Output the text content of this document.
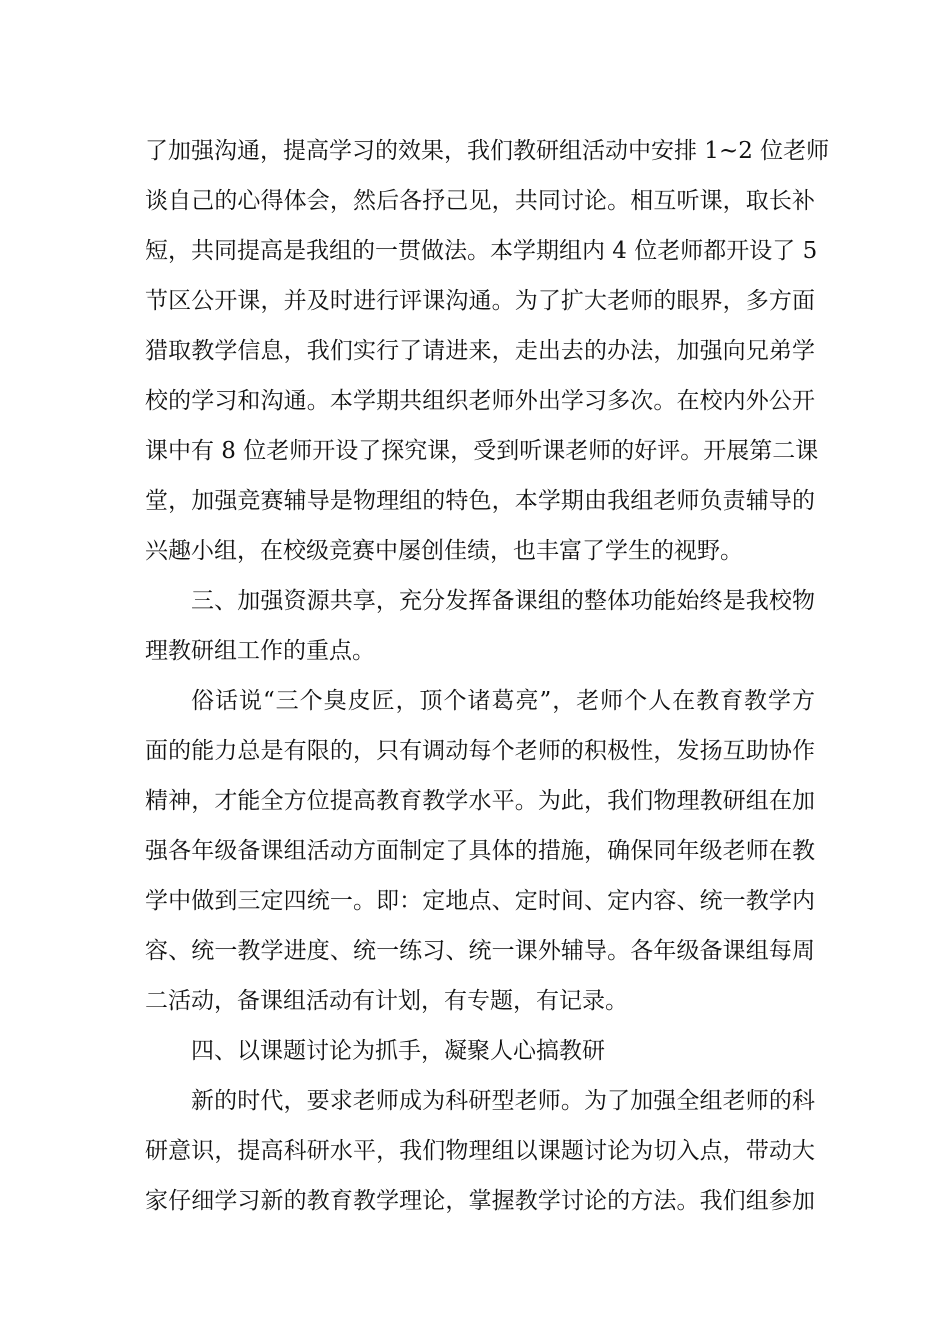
了加强沟通，提高学习的效果，我们教研组活动中安排 1~2 位老师
谈自己的心得体会，然后各抒己见，共同讨论。相互听课，取长补
短，共同提高是我组的一贯做法。本学期组内 4 位老师都开设了 5
节区公开课，并及时进行评课沟通。为了扩大老师的眼界，多方面
猎取教学信息，我们实行了请进来，走出去的办法，加强向兄弟学
校的学习和沟通。本学期共组织老师外出学习多次。在校内外公开
课中有 8 位老师开设了探究课，受到听课老师的好评。开展第二课
堂，加强竞赛辅导是物理组的特色，本学期由我组老师负责辅导的
兴趣小组，在校级竞赛中屡创佳绩，也丰富了学生的视野。
三、加强资源共享，充分发挥备课组的整体功能始终是我校物
理教研组工作的重点。
俗话说“三个臭皮匠，顶个诸葛亮”，老师个人在教育教学方
面的能力总是有限的，只有调动每个老师的积极性，发扬互助协作
精神，才能全方位提高教育教学水平。为此，我们物理教研组在加
强各年级备课组活动方面制定了具体的措施，确保同年级老师在教
学中做到三定四统一。即：定地点、定时间、定内容、统一教学内
容、统一教学进度、统一练习、统一课外辅导。各年级备课组每周
二活动，备课组活动有计划，有专题，有记录。
四、以课题讨论为抓手，凝聚人心搞教研
新的时代，要求老师成为科研型老师。为了加强全组老师的科
研意识，提高科研水平，我们物理组以课题讨论为切入点，带动大
家仔细学习新的教育教学理论，掌握教学讨论的方法。我们组参加
